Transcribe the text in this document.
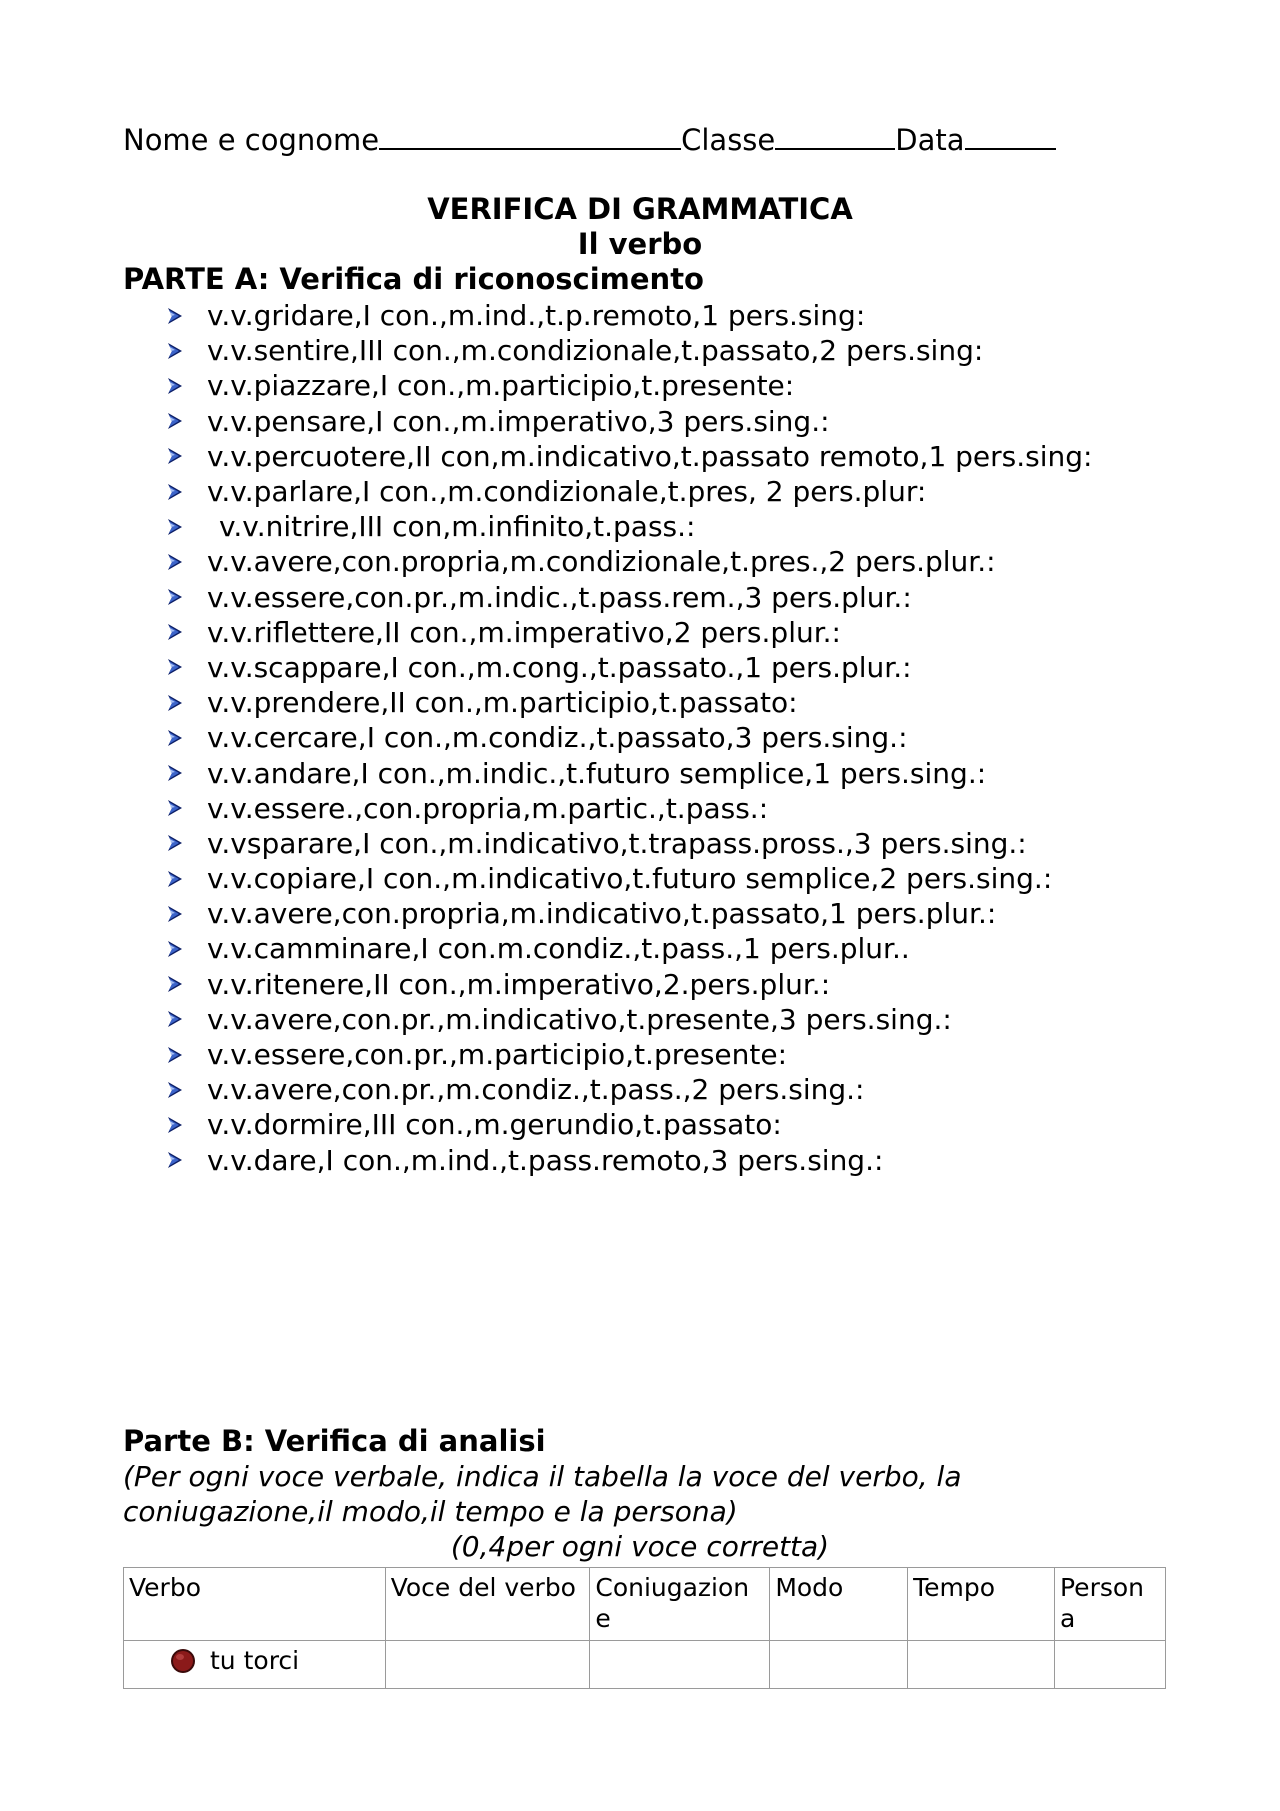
Nome e cognome	Classe	Data
VERIFICA DI GRAMMATICA
Il verbo
PARTE A: Verifica di riconoscimento
v.v.gridare,I con.,m.ind.,t.p.remoto,1 pers.sing:
v.v.sentire,III con.,m.condizionale,t.passato,2 pers.sing:
v.v.piazzare,I con.,m.participio,t.presente:
v.v.pensare,I con.,m.imperativo,3 pers.sing.:
v.v.percuotere,II con,m.indicativo,t.passato remoto,1 pers.sing:
v.v.parlare,I con.,m.condizionale,t.pres, 2 pers.plur:
v.v.nitrire,III con,m.infinito,t.pass.:
v.v.avere,con.propria,m.condizionale,t.pres.,2 pers.plur.:
v.v.essere,con.pr.,m.indic.,t.pass.rem.,3 pers.plur.:
v.v.riflettere,II con.,m.imperativo,2 pers.plur.:
v.v.scappare,I con.,m.cong.,t.passato.,1 pers.plur.:
v.v.prendere,II con.,m.participio,t.passato:
v.v.cercare,I con.,m.condiz.,t.passato,3 pers.sing.:
v.v.andare,I con.,m.indic.,t.futuro semplice,1 pers.sing.:
v.v.essere.,con.propria,m.partic.,t.pass.:
v.vsparare,I con.,m.indicativo,t.trapass.pross.,3 pers.sing.:
v.v.copiare,I con.,m.indicativo,t.futuro semplice,2 pers.sing.:
v.v.avere,con.propria,m.indicativo,t.passato,1 pers.plur.:
v.v.camminare,I con.m.condiz.,t.pass.,1 pers.plur..
v.v.ritenere,II con.,m.imperativo,2.pers.plur.:
v.v.avere,con.pr.,m.indicativo,t.presente,3 pers.sing.:
v.v.essere,con.pr.,m.participio,t.presente:
v.v.avere,con.pr.,m.condiz.,t.pass.,2 pers.sing.:
v.v.dormire,III con.,m.gerundio,t.passato:
v.v.dare,I con.,m.ind.,t.pass.remoto,3 pers.sing.:
Parte B: Verifica di analisi
(Per ogni voce verbale, indica il tabella la voce del verbo, la
coniugazione,il modo,il tempo e la persona)
(0,4per ogni voce corretta)
Verbo	Voce del verbo	Coniugazion e	Modo	Tempo	Person a

tu torci					
